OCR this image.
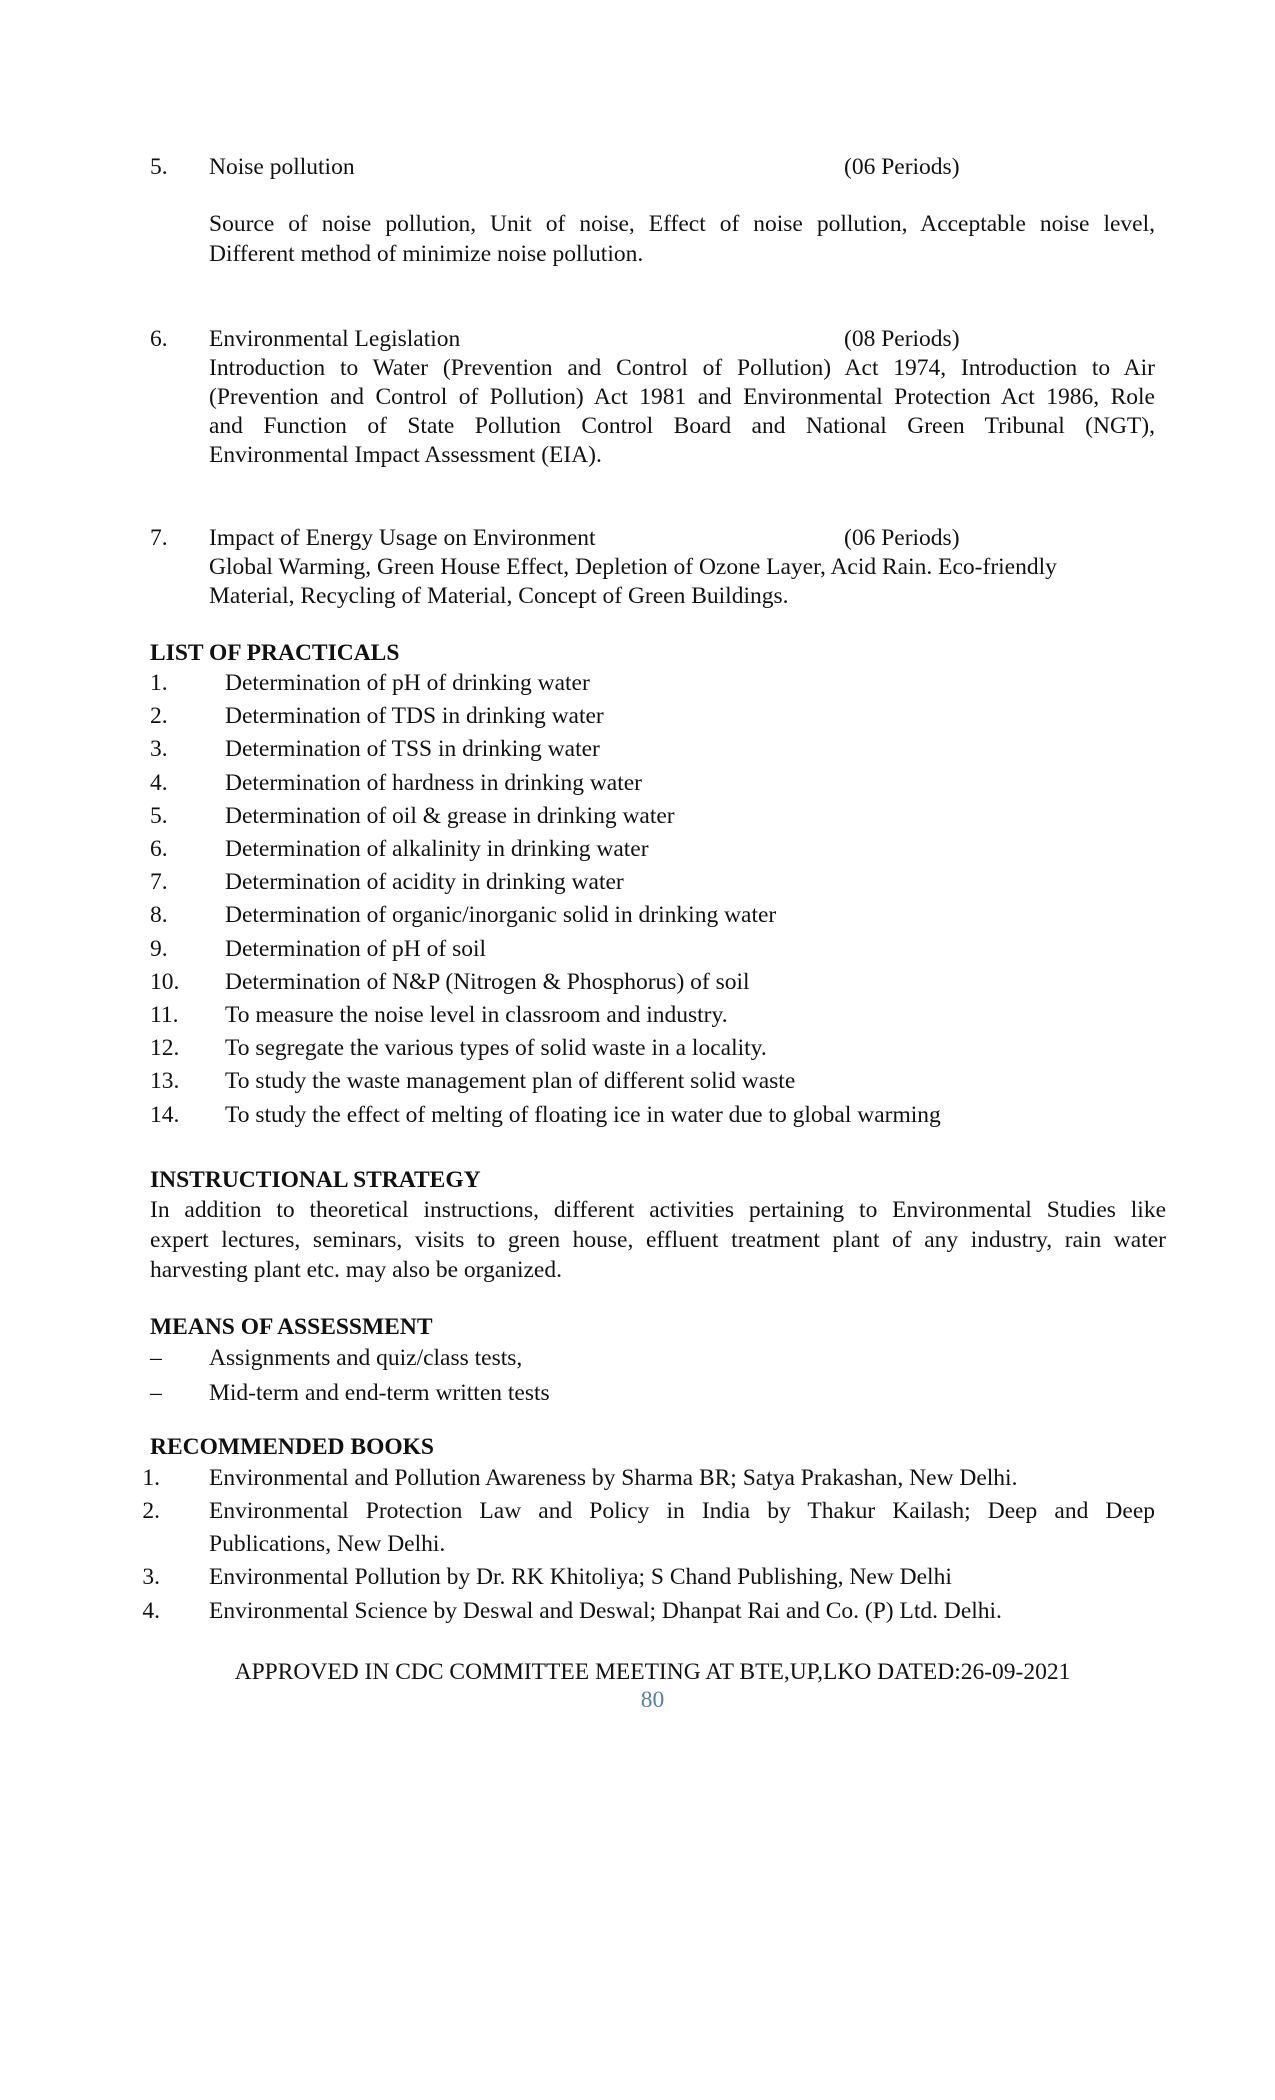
5. Noise pollution	(06 Periods)
Source of noise pollution, Unit of noise, Effect of noise pollution, Acceptable noise level,
Different method of minimize noise pollution.
6. Environmental Legislation	(08 Periods)
Introduction to Water (Prevention and Control of Pollution) Act 1974, Introduction to Air
(Prevention and Control of Pollution) Act 1981 and Environmental Protection Act 1986, Role
and Function of State Pollution Control Board and National Green Tribunal (NGT),
Environmental Impact Assessment (EIA).
7. Impact of Energy Usage on Environment	(06 Periods)
Global Warming, Green House Effect, Depletion of Ozone Layer, Acid Rain. Eco-friendly
Material, Recycling of Material, Concept of Green Buildings.
LIST OF PRACTICALS
1. Determination of pH of drinking water
2. Determination of TDS in drinking water
3. Determination of TSS in drinking water
4. Determination of hardness in drinking water
5. Determination of oil & grease in drinking water
6. Determination of alkalinity in drinking water
7. Determination of acidity in drinking water
8. Determination of organic/inorganic solid in drinking water
9. Determination of pH of soil
10. Determination of N&P (Nitrogen & Phosphorus) of soil
11. To measure the noise level in classroom and industry.
12. To segregate the various types of solid waste in a locality.
13. To study the waste management plan of different solid waste
14. To study the effect of melting of floating ice in water due to global warming
INSTRUCTIONAL STRATEGY
In addition to theoretical instructions, different activities pertaining to Environmental Studies like
expert lectures, seminars, visits to green house, effluent treatment plant of any industry, rain water
harvesting plant etc. may also be organized.
MEANS OF ASSESSMENT
– Assignments and quiz/class tests,
– Mid-term and end-term written tests
RECOMMENDED BOOKS
1. Environmental and Pollution Awareness by Sharma BR; Satya Prakashan, New Delhi.
2. Environmental Protection Law and Policy in India by Thakur Kailash; Deep and Deep
Publications, New Delhi.
3. Environmental Pollution by Dr. RK Khitoliya; S Chand Publishing, New Delhi
4. Environmental Science by Deswal and Deswal; Dhanpat Rai and Co. (P) Ltd. Delhi.
APPROVED IN CDC COMMITTEE MEETING AT BTE,UP,LKO DATED:26-09-2021
80
